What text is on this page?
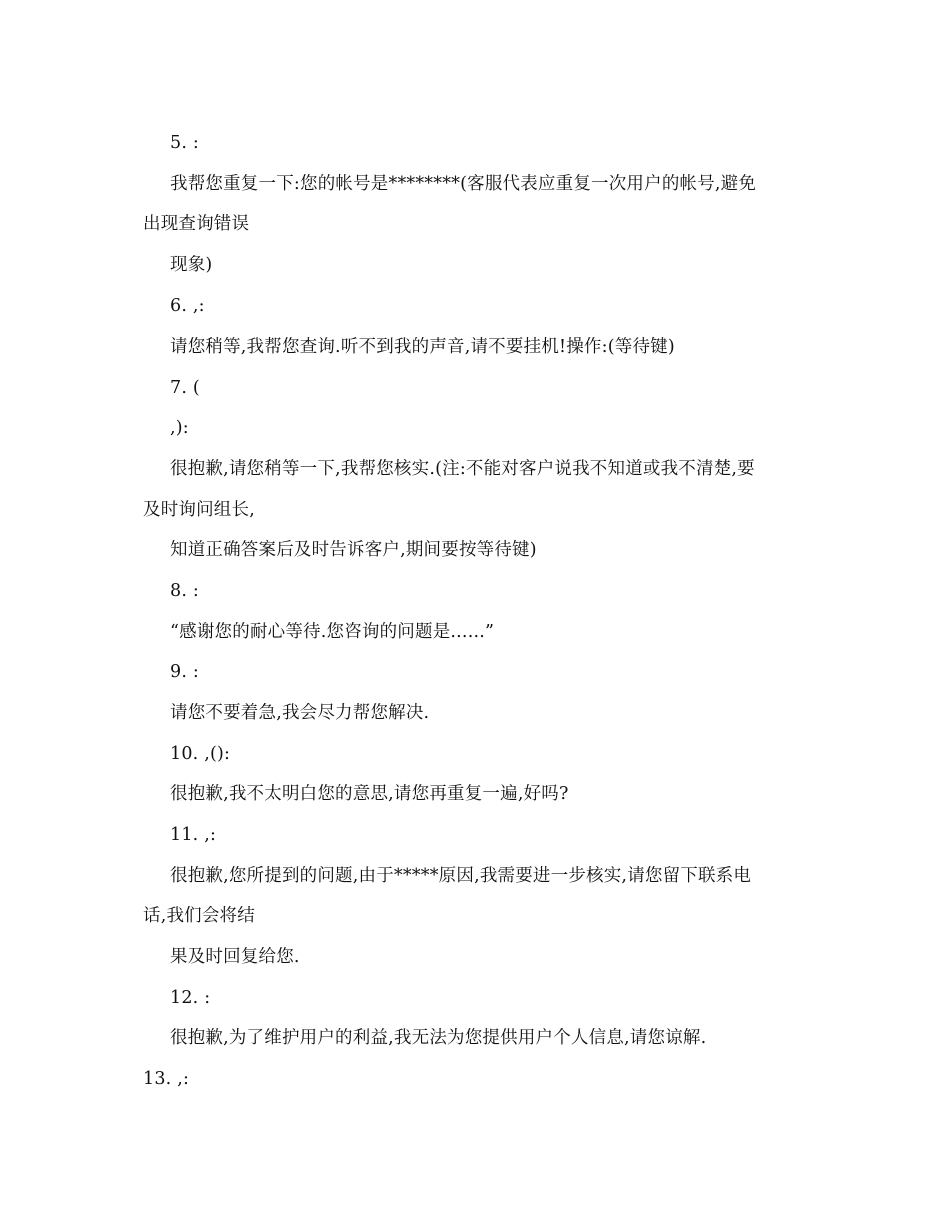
5. :
我帮您重复一下:您的帐号是********(客服代表应重复一次用户的帐号,避免
出现查询错误
现象)
6. ,:
请您稍等,我帮您查询.听不到我的声音,请不要挂机!操作:(等待键)
7. (
,):
很抱歉,请您稍等一下,我帮您核实.(注:不能对客户说我不知道或我不清楚,要
及时询问组长,
知道正确答案后及时告诉客户,期间要按等待键)
8. :
“感谢您的耐心等待.您咨询的问题是......”
9. :
请您不要着急,我会尽力帮您解决.
10. ,():
很抱歉,我不太明白您的意思,请您再重复一遍,好吗?
11. ,:
很抱歉,您所提到的问题,由于*****原因,我需要进一步核实,请您留下联系电
话,我们会将结
果及时回复给您.
12. :
很抱歉,为了维护用户的利益,我无法为您提供用户个人信息,请您谅解.
13. ,:
